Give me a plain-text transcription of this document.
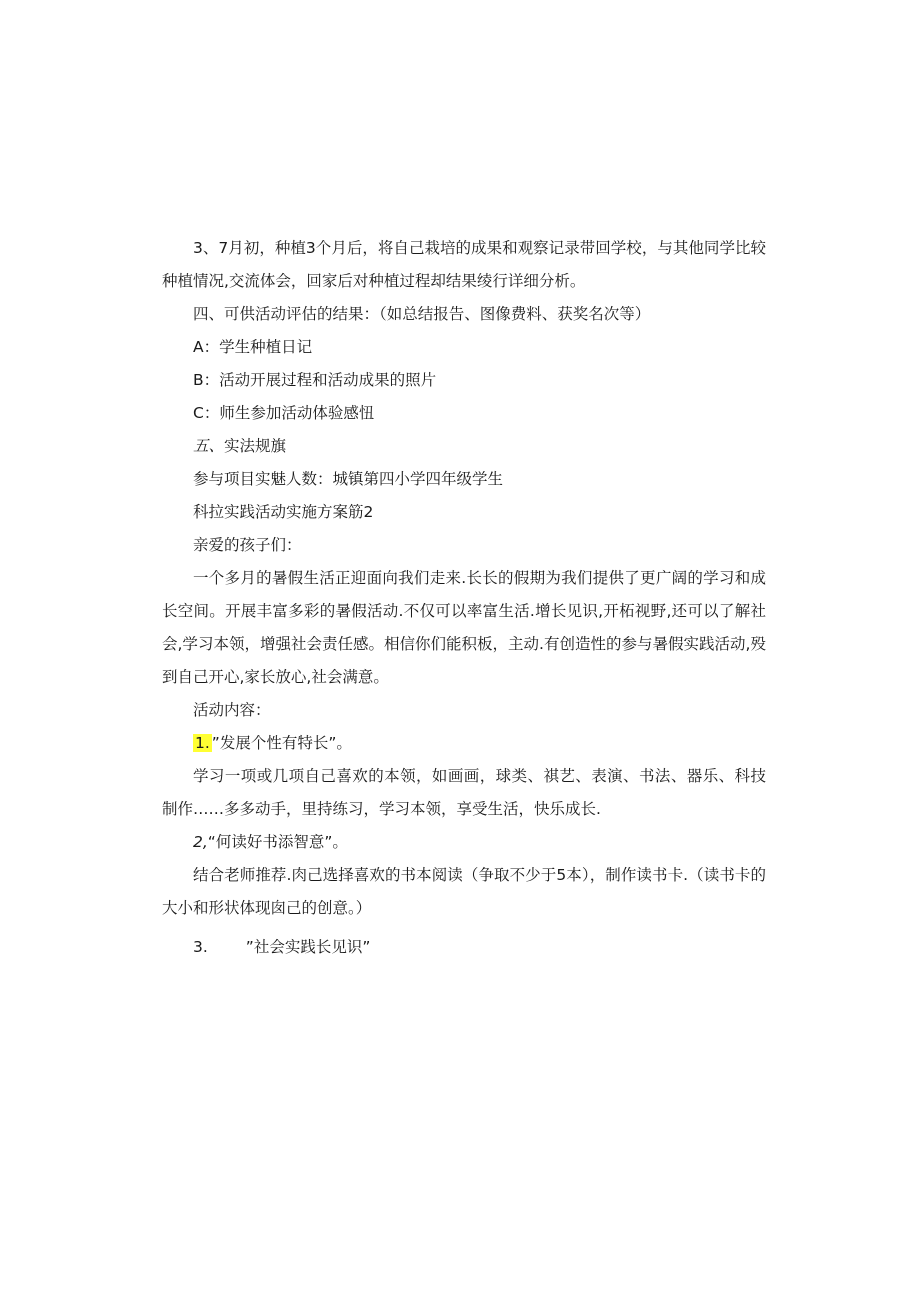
3、7月初，种植3个月后，将自己栽培的成果和观察记录带回学校，与其他同学比较种植情况,交流体会，回家后对种植过程却结果绫行详细分析。

四、可供活动评估的结果：（如总结报告、图像费料、获奖名次等）

A：学生种植日记

B：活动开展过程和活动成果的照片

C：师生参加活动体验感忸

五、实法规旗

参与项目实魅人数：城镇第四小学四年级学生

科拉实践活动实施方案筋2

亲爱的孩子们：

一个多月的暑假生活正迎面向我们走来.长长的假期为我们提供了更广阔的学习和成长空间。开展丰富多彩的暑假活动.不仅可以率富生活.增长见识,开柘视野,还可以了解社会,学习本领，增强社会责任感。相信你们能积板，主动.有创造性的参与暑假实践活动,殁到自己开心,家长放心,社会满意。

活动内容：

1. ”发展个性有特长”。

学习一项或几项自己喜欢的本领，如画画，球类、祺艺、表演、书法、器乐、科技制作……多多动手，里持练习，学习本领，享受生活，快乐成长.

2,“何读好书添智意”。

结合老师推荐.肉己选择喜欢的书本阅读（争取不少于5本），制作读书卡.（读书卡的大小和形状体现囱己的创意。）

3. ”社会实践长见识”
